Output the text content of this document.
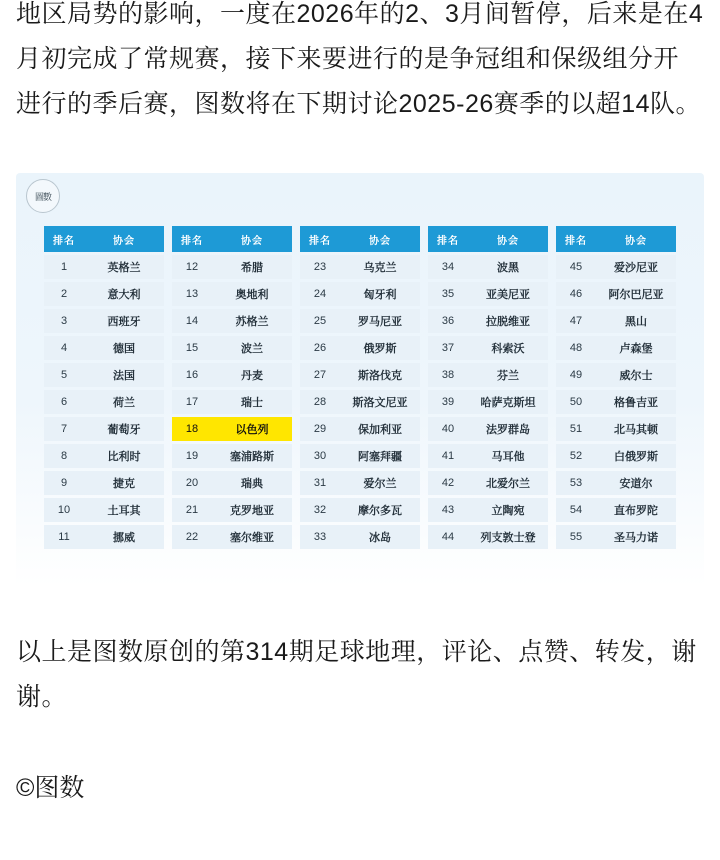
地区局势的影响，一度在2026年的2、3月间暂停，后来是在4月初完成了常规赛，接下来要进行的是争冠组和保级组分开进行的季后赛，图数将在下期讨论2025-26赛季的以超14队。

圖數
排名	协会
1	英格兰
2	意大利
3	西班牙
4	德国
5	法国
6	荷兰
7	葡萄牙
8	比利时
9	捷克
10	土耳其
11	挪威
排名	协会
12	希腊
13	奥地利
14	苏格兰
15	波兰
16	丹麦
17	瑞士
18	以色列
19	塞浦路斯
20	瑞典
21	克罗地亚
22	塞尔维亚
排名	协会
23	乌克兰
24	匈牙利
25	罗马尼亚
26	俄罗斯
27	斯洛伐克
28	斯洛文尼亚
29	保加利亚
30	阿塞拜疆
31	爱尔兰
32	摩尔多瓦
33	冰岛
排名	协会
34	波黑
35	亚美尼亚
36	拉脱维亚
37	科索沃
38	芬兰
39	哈萨克斯坦
40	法罗群岛
41	马耳他
42	北爱尔兰
43	立陶宛
44	列支敦士登
排名	协会
45	爱沙尼亚
46	阿尔巴尼亚
47	黑山
48	卢森堡
49	威尔士
50	格鲁吉亚
51	北马其顿
52	白俄罗斯
53	安道尔
54	直布罗陀
55	圣马力诺

以上是图数原创的第314期足球地理，评论、点赞、转发，谢谢。

©图数
